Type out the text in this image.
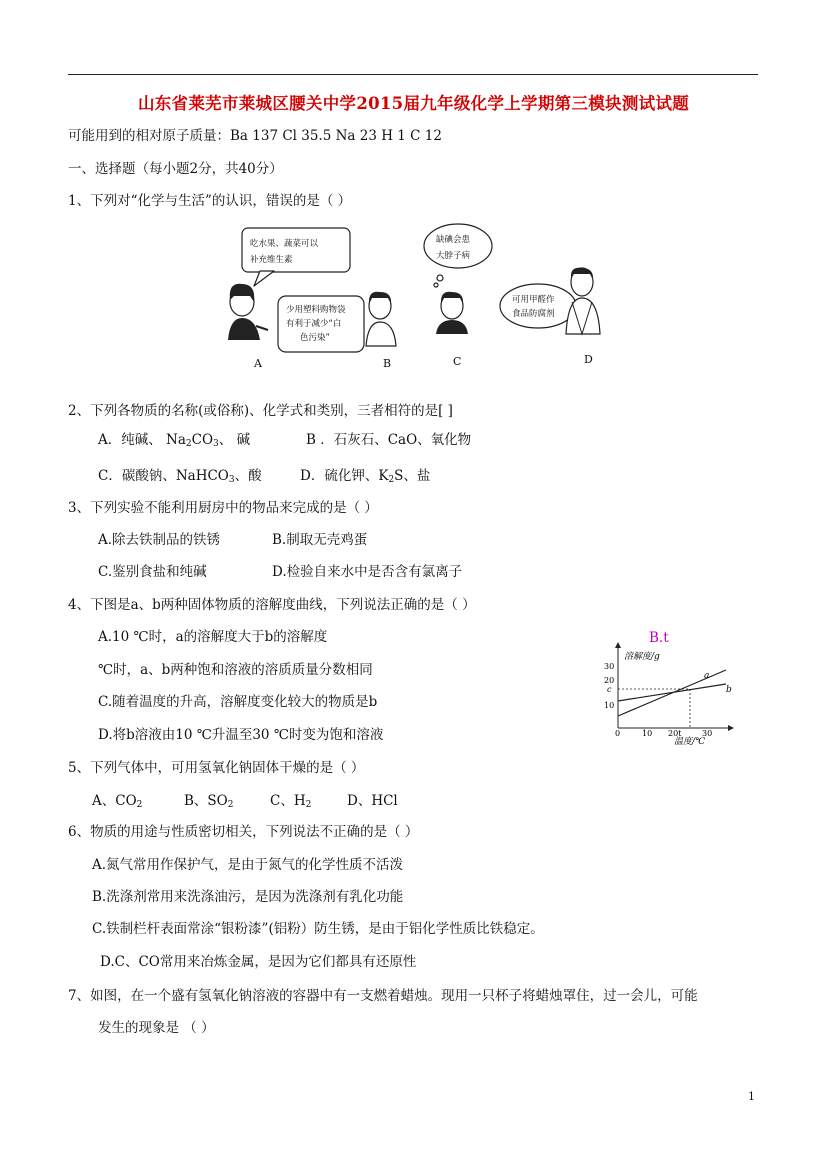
山东省莱芜市莱城区腰关中学2015届九年级化学上学期第三模块测试试题
可能用到的相对原子质量：Ba 137 Cl 35.5 Na 23 H 1 C 12
一、选择题（每小题2分，共40分）
1、下列对“化学与生活”的认识，错误的是（ ）
吃水果、蔬菜可以
补充维生素
少用塑料购物袋
有利于减少“白
色污染”
缺碘会患
大脖子病
可用甲醛作
食品防腐剂
A	B	C	D
2、下列各物质的名称(或俗称)、化学式和类别，三者相符的是[ ]
A．纯碱、 $Na_2CO_3$、 碱	B ．石灰石、CaO、氧化物
C．碳酸钠、NaHCO$_3$、酸	D．硫化钾、$K_2S$、盐
3、下列实验不能利用厨房中的物品来完成的是（ ）
A.除去铁制品的铁锈	B.制取无壳鸡蛋
C.鉴别食盐和纯碱	D.检验自来水中是否含有氯离子
4、下图是a、b两种固体物质的溶解度曲线，下列说法正确的是（ ）
A.10 ℃时，a的溶解度大于b的溶解度	B.t
℃时，a、b两种饱和溶液的溶质质量分数相同
C.随着温度的升高，溶解度变化较大的物质是b
D.将b溶液由10 ℃升温至30 ℃时变为饱和溶液
溶解度/g
温度/℃
30
20
c
10
0	10 20t	30
a
b
5、下列气体中，可用氢氧化钠固体干燥的是（ ）
A、$CO_2$	B、$SO_2$	C、$H_2$	D、HCl
6、物质的用途与性质密切相关，下列说法不正确的是（ ）
A.氮气常用作保护气，是由于氮气的化学性质不活泼
B.洗涤剂常用来洗涤油污，是因为洗涤剂有乳化功能
C.铁制栏杆表面常涂“银粉漆”(铝粉）防生锈，是由于铝化学性质比铁稳定。
D.C、CO常用来冶炼金属，是因为它们都具有还原性
7、如图，在一个盛有氢氧化钠溶液的容器中有一支燃着蜡烛。现用一只杯子将蜡烛罩住，过一会儿，可能
发生的现象是 （ ）
1
